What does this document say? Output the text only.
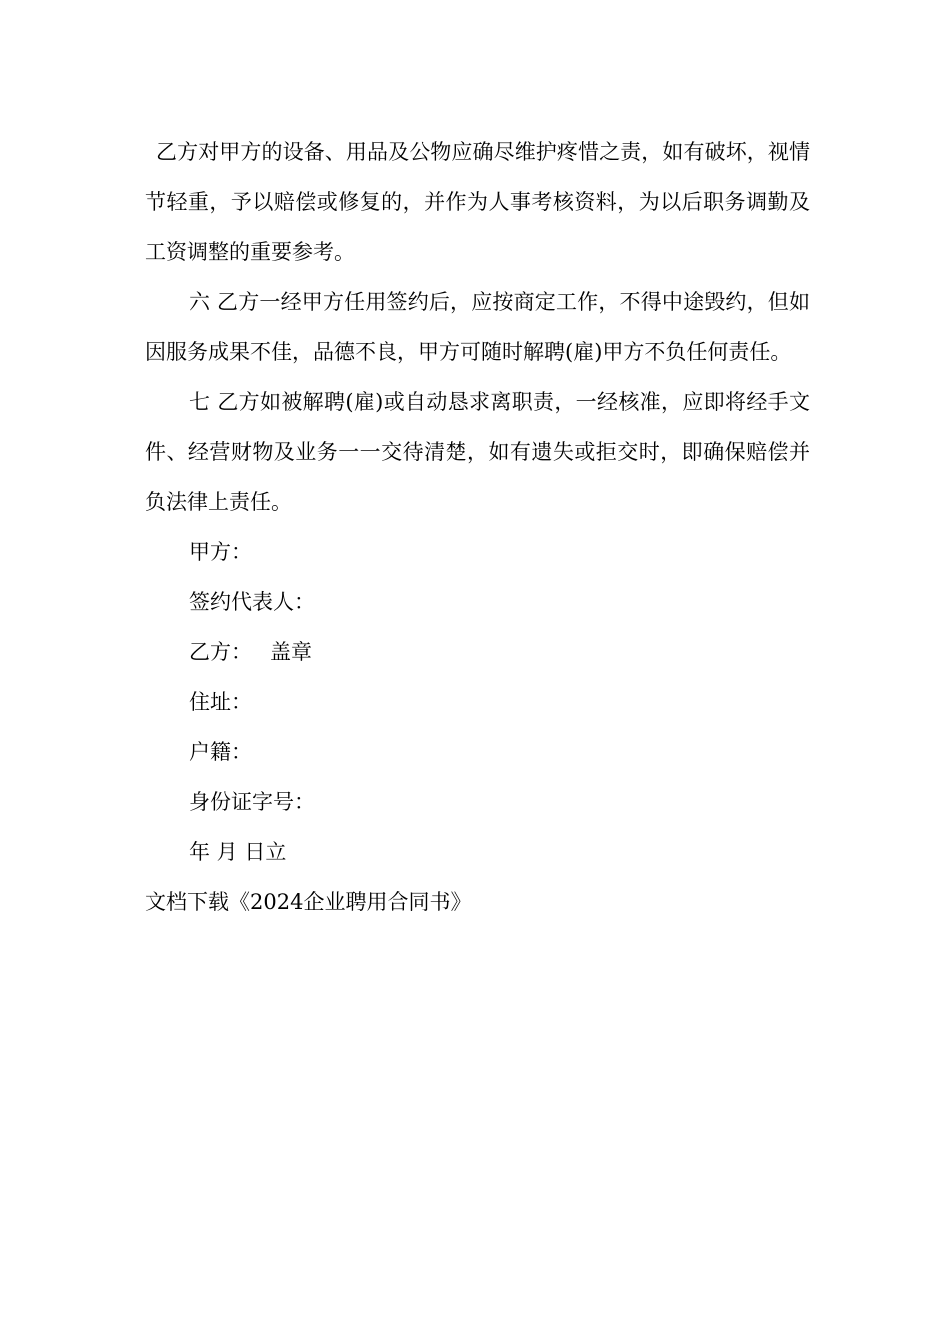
乙方对甲方的设备、用品及公物应确尽维护疼惜之责，如有破坏，视情节轻重，予以赔偿或修复的，并作为人事考核资料，为以后职务调勤及工资调整的重要参考。

六 乙方一经甲方任用签约后，应按商定工作，不得中途毁约，但如因服务成果不佳，品德不良，甲方可随时解聘(雇)甲方不负任何责任。

七 乙方如被解聘(雇)或自动恳求离职责，一经核准，应即将经手文件、经营财物及业务一一交待清楚，如有遗失或拒交时，即确保赔偿并负法律上责任。

甲方：

签约代表人：

乙方： 盖章

住址：

户籍：

身份证字号：

年 月 日立

文档下载《2024企业聘用合同书》
